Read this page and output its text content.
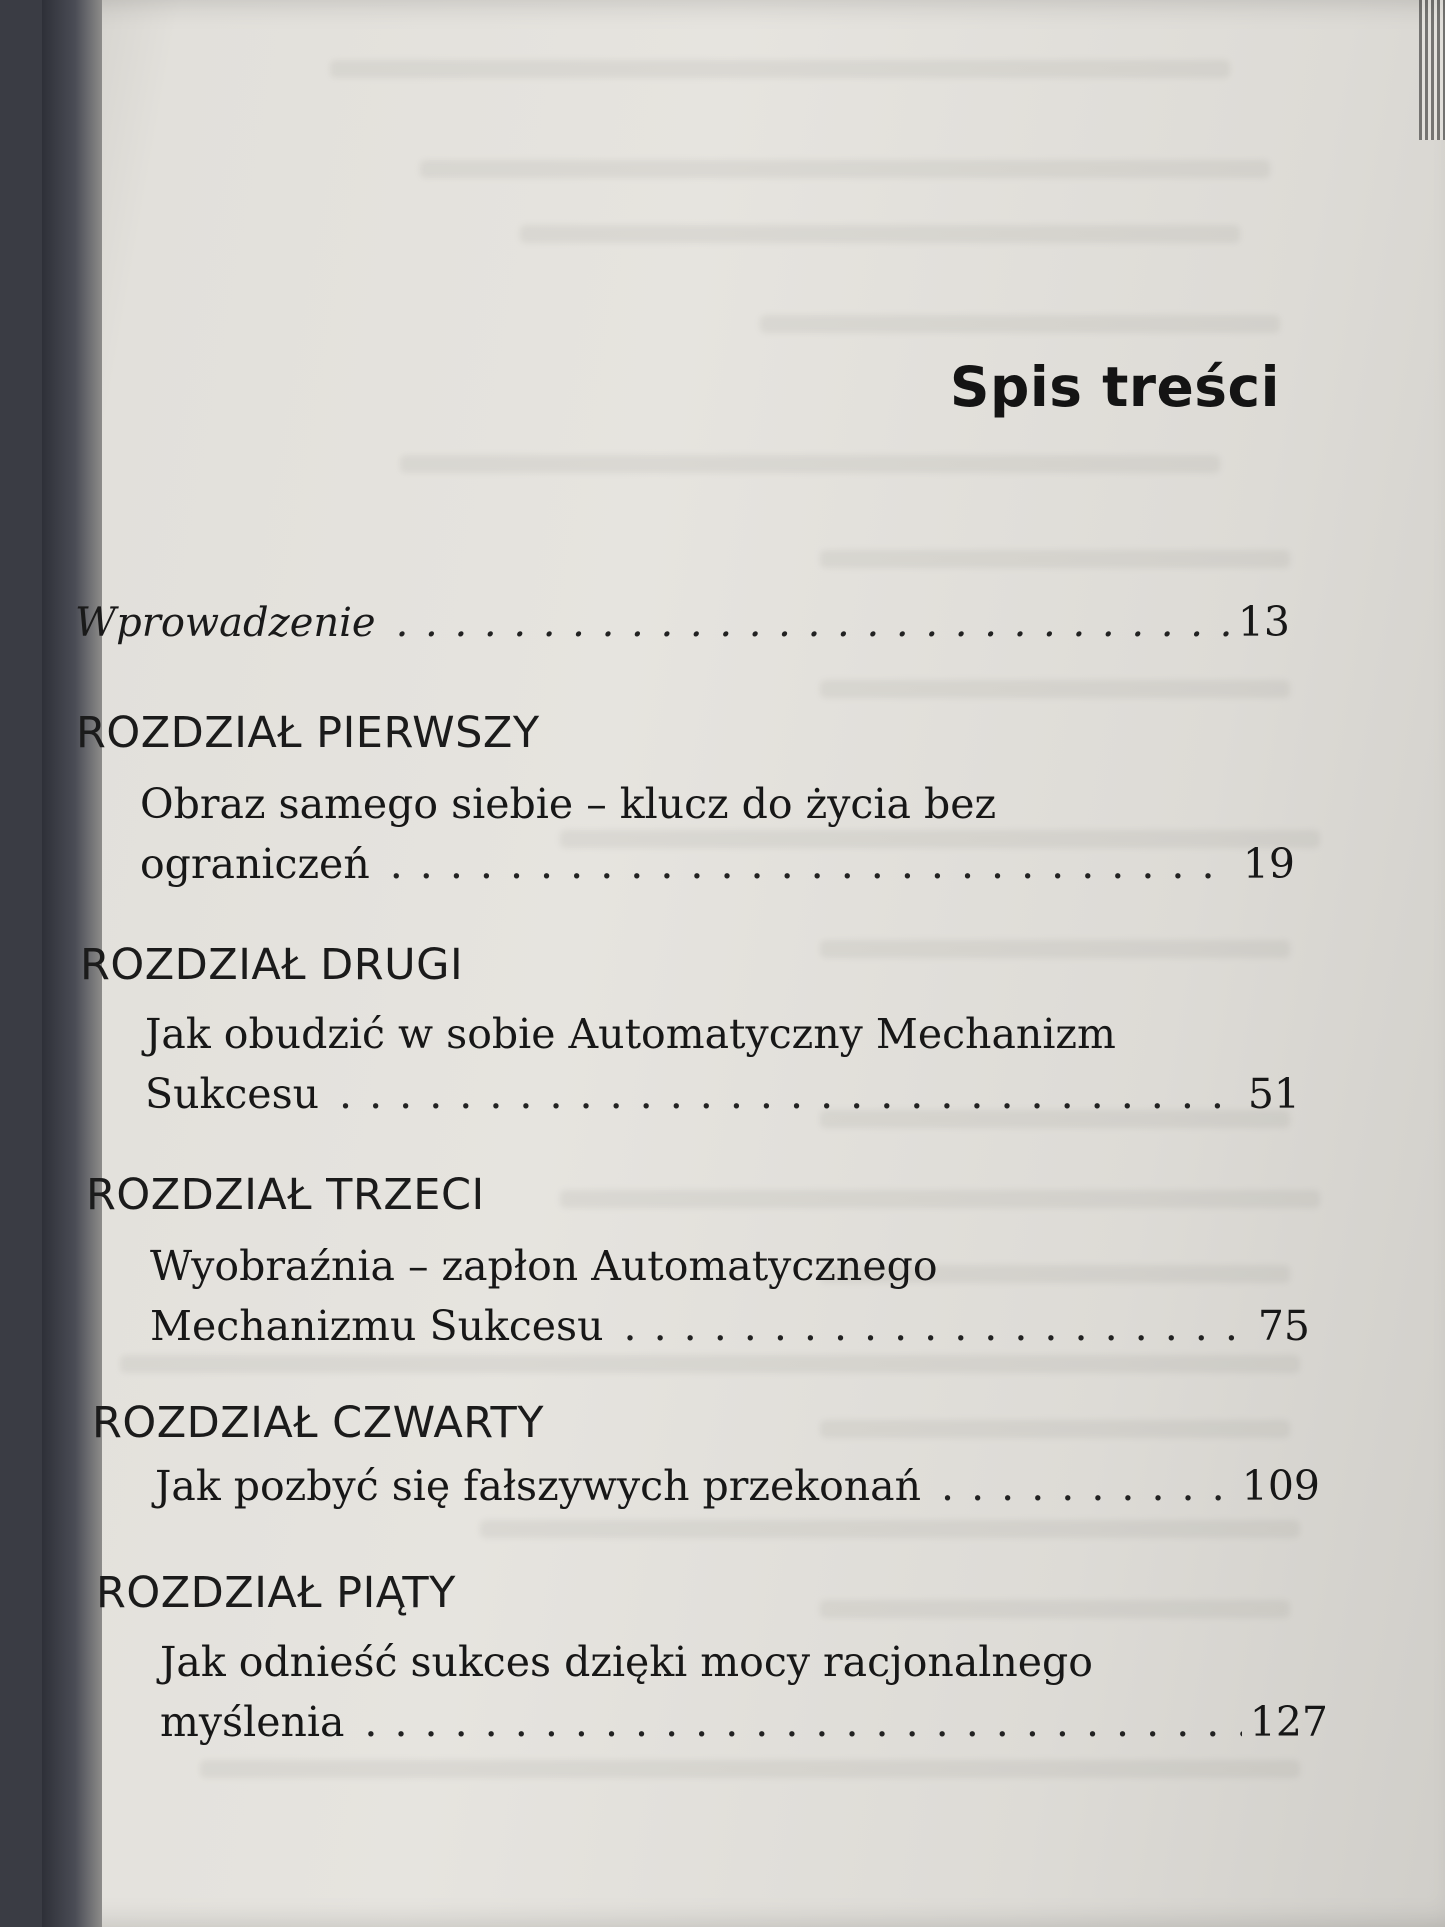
Spis treści
Wprowadzenie . . .	13
ROZDZIAŁ PIERWSZY
Obraz samego siebie – klucz do życia bez
ograniczeń . . .	19
ROZDZIAŁ DRUGI
Jak obudzić w sobie Automatyczny Mechanizm
Sukcesu . . .	51
ROZDZIAŁ TRZECI
Wyobraźnia – zapłon Automatycznego
Mechanizmu Sukcesu . . .	75
ROZDZIAŁ CZWARTY
Jak pozbyć się fałszywych przekonań . . .	109
ROZDZIAŁ PIĄTY
Jak odnieść sukces dzięki mocy racjonalnego
myślenia . . .	127
